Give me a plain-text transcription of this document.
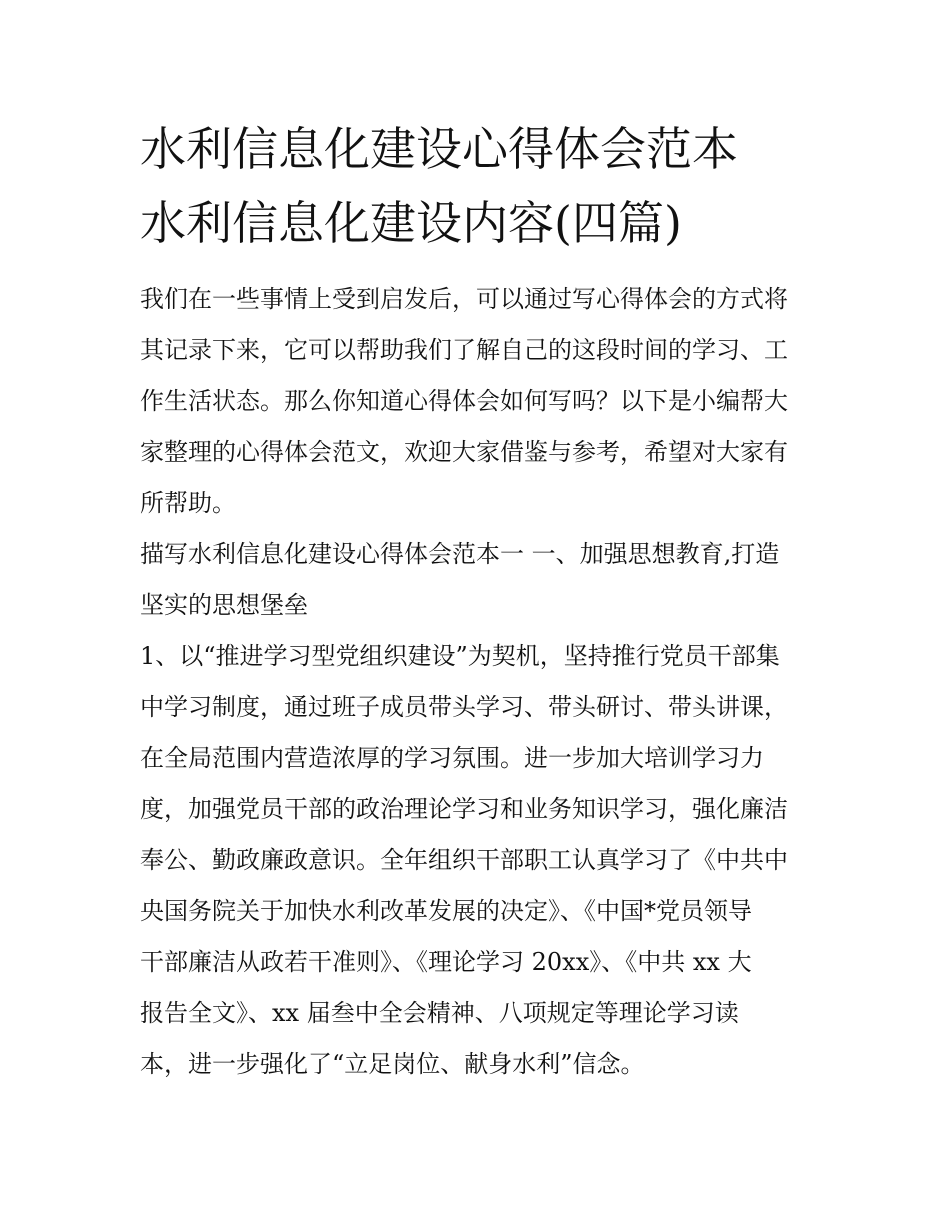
水利信息化建设心得体会范本
水利信息化建设内容(四篇)

我们在一些事情上受到启发后，可以通过写心得体会的方式将
其记录下来，它可以帮助我们了解自己的这段时间的学习、工
作生活状态。那么你知道心得体会如何写吗？以下是小编帮大
家整理的心得体会范文，欢迎大家借鉴与参考，希望对大家有
所帮助。

描写水利信息化建设心得体会范本一 一、加强思想教育,打造
坚实的思想堡垒

1、以“推进学习型党组织建设”为契机，坚持推行党员干部集
中学习制度，通过班子成员带头学习、带头研讨、带头讲课，
在全局范围内营造浓厚的学习氛围。进一步加大培训学习力
度，加强党员干部的政治理论学习和业务知识学习，强化廉洁
奉公、勤政廉政意识。全年组织干部职工认真学习了《中共中
央国务院关于加快水利改革发展的决定》、《中国*党员领导
干部廉洁从政若干准则》、《理论学习 20xx》、《中共 xx 大
报告全文》、xx 届叁中全会精神、八项规定等理论学习读
本，进一步强化了“立足岗位、献身水利”信念。
